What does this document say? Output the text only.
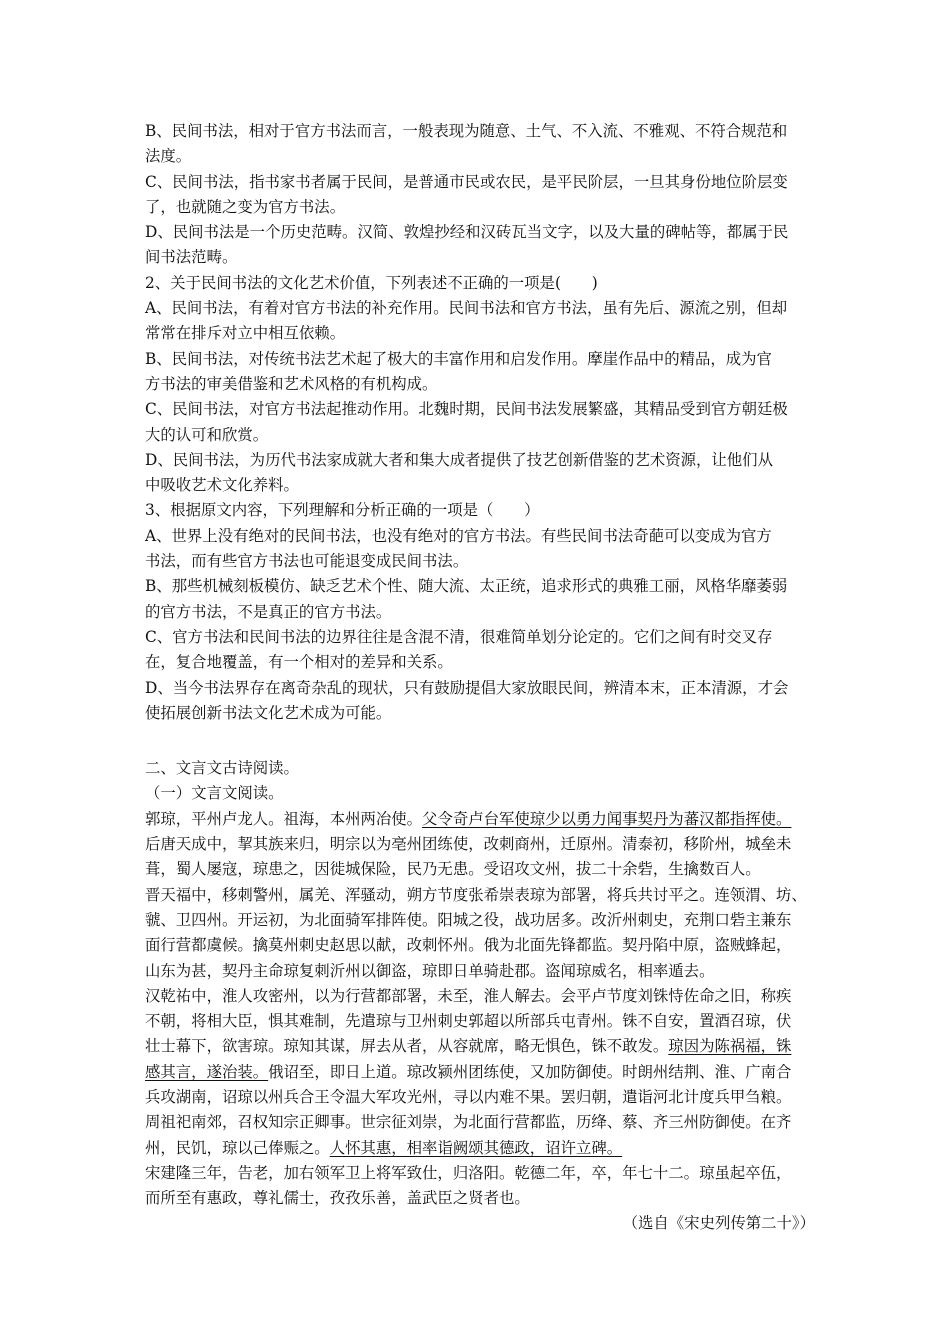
B、民间书法，相对于官方书法而言，一般表现为随意、土气、不入流、不雅观、不符合规范和
法度。
C、民间书法，指书家书者属于民间，是普通市民或农民，是平民阶层，一旦其身份地位阶层变
了，也就随之变为官方书法。
D、民间书法是一个历史范畴。汉简、敦煌抄经和汉砖瓦当文字，以及大量的碑帖等，都属于民
间书法范畴。
2、关于民间书法的文化艺术价值，下列表述不正确的一项是(　　)
A、民间书法，有着对官方书法的补充作用。民间书法和官方书法，虽有先后、源流之别，但却
常常在排斥对立中相互依赖。
B、民间书法，对传统书法艺术起了极大的丰富作用和启发作用。摩崖作品中的精品，成为官
方书法的审美借鉴和艺术风格的有机构成。
C、民间书法，对官方书法起推动作用。北魏时期，民间书法发展繁盛，其精品受到官方朝廷极
大的认可和欣赏。
D、民间书法，为历代书法家成就大者和集大成者提供了技艺创新借鉴的艺术资源，让他们从
中吸收艺术文化养料。
3、根据原文内容，下列理解和分析正确的一项是（　　）
A、世界上没有绝对的民间书法，也没有绝对的官方书法。有些民间书法奇葩可以变成为官方
书法，而有些官方书法也可能退变成民间书法。
B、那些机械刻板模仿、缺乏艺术个性、随大流、太正统，追求形式的典雅工丽，风格华靡萎弱
的官方书法，不是真正的官方书法。
C、官方书法和民间书法的边界往往是含混不清，很难简单划分论定的。它们之间有时交叉存
在，复合地覆盖，有一个相对的差异和关系。
D、当今书法界存在离奇杂乱的现状，只有鼓励提倡大家放眼民间，辨清本末，正本清源，才会
使拓展创新书法文化艺术成为可能。
二、文言文古诗阅读。
（一）文言文阅读。
郭琼，平州卢龙人。祖海，本州两冶使。父令奇卢台军使琼少以勇力闻事契丹为蕃汉都指挥使。
后唐天成中，挈其族来归，明宗以为亳州团练使，改刺商州，迁原州。清泰初，移阶州，城垒未
葺，蜀人屡寇，琼患之，因徙城保险，民乃无患。受诏攻文州，拔二十余砦，生擒数百人。
晋天福中，移刺警州，属羌、浑骚动，朔方节度张希崇表琼为部署，将兵共讨平之。连领渭、坊、
虢、卫四州。开运初，为北面骑军排阵使。阳城之役，战功居多。改沂州刺史，充荆口砦主兼东
面行营都虞候。擒莫州刺史赵思以献，改刺怀州。俄为北面先锋都监。契丹陷中原，盗贼蜂起，
山东为甚，契丹主命琼复刺沂州以御盗，琼即日单骑赴郡。盗闻琼威名，相率遁去。
汉乾祐中，淮人攻密州，以为行营都部署，未至，淮人解去。会平卢节度刘铢恃佐命之旧，称疾
不朝，将相大臣，惧其难制，先遣琼与卫州刺史郭超以所部兵屯青州。铢不自安，置酒召琼，伏
壮士幕下，欲害琼。琼知其谋，屏去从者，从容就席，略无惧色，铢不敢发。琼因为陈祸福，铢
感其言，遂治装。俄诏至，即日上道。琼改颍州团练使，又加防御使。时朗州结荆、淮、广南合
兵攻湖南，诏琼以州兵合王令温大军攻光州，寻以内难不果。罢归朝，遣诣河北计度兵甲刍粮。
周祖祀南郊，召权知宗正卿事。世宗征刘崇，为北面行营都监，历绛、蔡、齐三州防御使。在齐
州，民饥，琼以己俸赈之。人怀其惠，相率诣阙颂其德政，诏许立碑。
宋建隆三年，告老，加右领军卫上将军致仕，归洛阳。乾德二年，卒，年七十二。琼虽起卒伍，
而所至有惠政，尊礼儒士，孜孜乐善，盖武臣之贤者也。
（选自《宋史列传第二十》）
